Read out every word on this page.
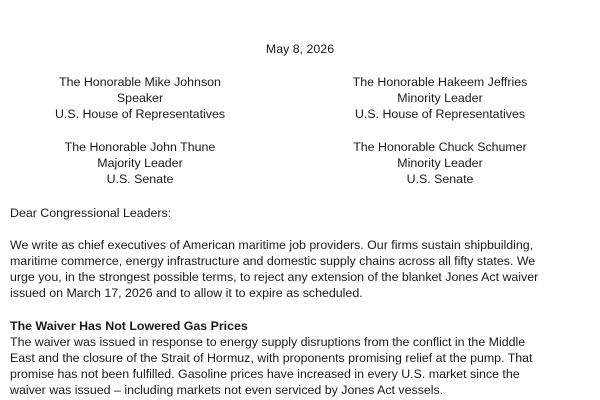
May 8, 2026
The Honorable Mike Johnson
Speaker
U.S. House of Representatives
The Honorable Hakeem Jeffries
Minority Leader
U.S. House of Representatives
The Honorable John Thune
Majority Leader
U.S. Senate
The Honorable Chuck Schumer
Minority Leader
U.S. Senate
Dear Congressional Leaders:
We write as chief executives of American maritime job providers. Our firms sustain shipbuilding,
maritime commerce, energy infrastructure and domestic supply chains across all fifty states. We
urge you, in the strongest possible terms, to reject any extension of the blanket Jones Act waiver
issued on March 17, 2026 and to allow it to expire as scheduled.
The Waiver Has Not Lowered Gas Prices
The waiver was issued in response to energy supply disruptions from the conflict in the Middle
East and the closure of the Strait of Hormuz, with proponents promising relief at the pump. That
promise has not been fulfilled. Gasoline prices have increased in every U.S. market since the
waiver was issued – including markets not even serviced by Jones Act vessels.
